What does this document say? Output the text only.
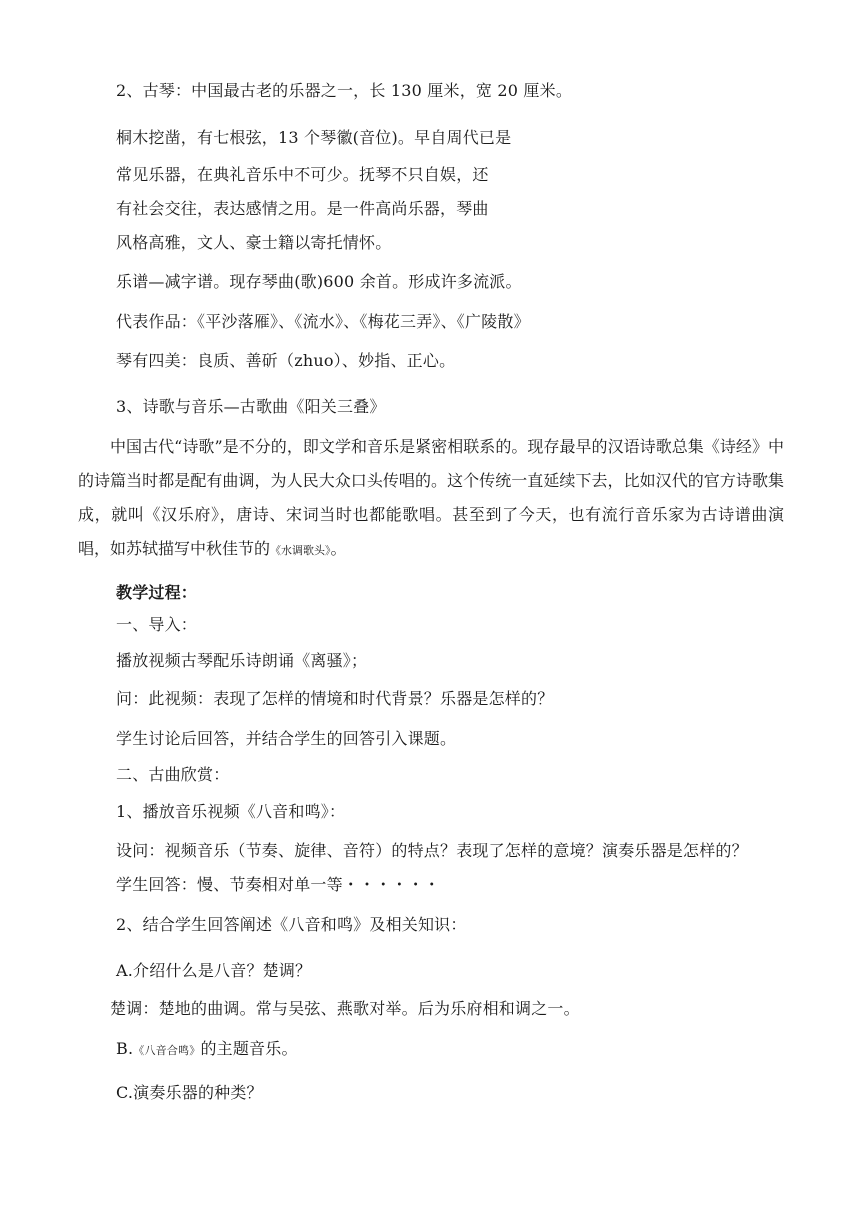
2、古琴：中国最古老的乐器之一，长 130 厘米，宽 20 厘米。
桐木挖凿，有七根弦，13 个琴徽(音位)。早自周代已是
常见乐器，在典礼音乐中不可少。抚琴不只自娱，还
有社会交往，表达感情之用。是一件高尚乐器，琴曲
风格高雅，文人、豪士籍以寄托情怀。
乐谱—减字谱。现存琴曲(歌)600 余首。形成许多流派。
代表作品：《平沙落雁》、《流水》、《梅花三弄》、《广陵散》
琴有四美：良质、善斫（zhuo）、妙指、正心。
3、诗歌与音乐—古歌曲《阳关三叠》
中国古代“诗歌”是不分的，即文学和音乐是紧密相联系的。现存最早的汉语诗歌总集《诗经》中的诗篇当时都是配有曲调，为人民大众口头传唱的。这个传统一直延续下去，比如汉代的官方诗歌集成，就叫《汉乐府》，唐诗、宋词当时也都能歌唱。甚至到了今天，也有流行音乐家为古诗谱曲演唱，如苏轼描写中秋佳节的《水调歌头》。
教学过程：
一、导入：
播放视频古琴配乐诗朗诵《离骚》；
问：此视频：表现了怎样的情境和时代背景？乐器是怎样的？
学生讨论后回答，并结合学生的回答引入课题。
二、古曲欣赏：
1、播放音乐视频《八音和鸣》：
设问：视频音乐（节奏、旋律、音符）的特点？表现了怎样的意境？演奏乐器是怎样的？
学生回答：慢、节奏相对单一等・・・・・・
2、结合学生回答阐述《八音和鸣》及相关知识：
A.介绍什么是八音？楚调？
楚调：楚地的曲调。常与吴弦、燕歌对举。后为乐府相和调之一。
B.《八音合鸣》的主题音乐。
C.演奏乐器的种类？
